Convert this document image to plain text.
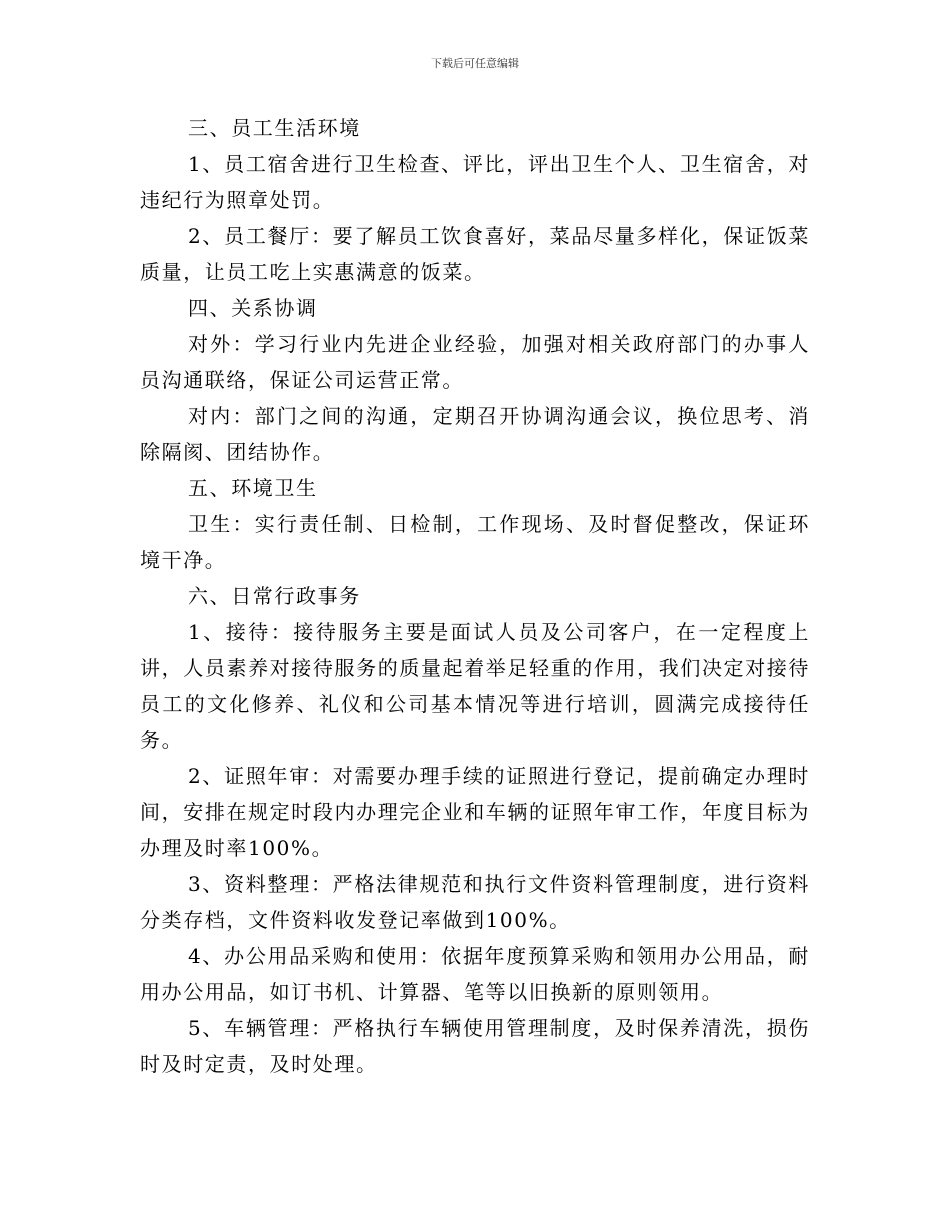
下载后可任意编辑

三、员工生活环境

1、员工宿舍进行卫生检查、评比，评出卫生个人、卫生宿舍，对违纪行为照章处罚。

2、员工餐厅：要了解员工饮食喜好，菜品尽量多样化，保证饭菜质量，让员工吃上实惠满意的饭菜。

四、关系协调

对外：学习行业内先进企业经验，加强对相关政府部门的办事人员沟通联络，保证公司运营正常。

对内：部门之间的沟通，定期召开协调沟通会议，换位思考、消除隔阂、团结协作。

五、环境卫生

卫生：实行责任制、日检制，工作现场、及时督促整改，保证环境干净。

六、日常行政事务

1、接待：接待服务主要是面试人员及公司客户，在一定程度上讲，人员素养对接待服务的质量起着举足轻重的作用，我们决定对接待员工的文化修养、礼仪和公司基本情况等进行培训，圆满完成接待任务。

2、证照年审：对需要办理手续的证照进行登记，提前确定办理时间，安排在规定时段内办理完企业和车辆的证照年审工作，年度目标为办理及时率100%。

3、资料整理：严格法律规范和执行文件资料管理制度，进行资料分类存档，文件资料收发登记率做到100%。

4、办公用品采购和使用：依据年度预算采购和领用办公用品，耐用办公用品，如订书机、计算器、笔等以旧换新的原则领用。

5、车辆管理：严格执行车辆使用管理制度，及时保养清洗，损伤时及时定责，及时处理。
